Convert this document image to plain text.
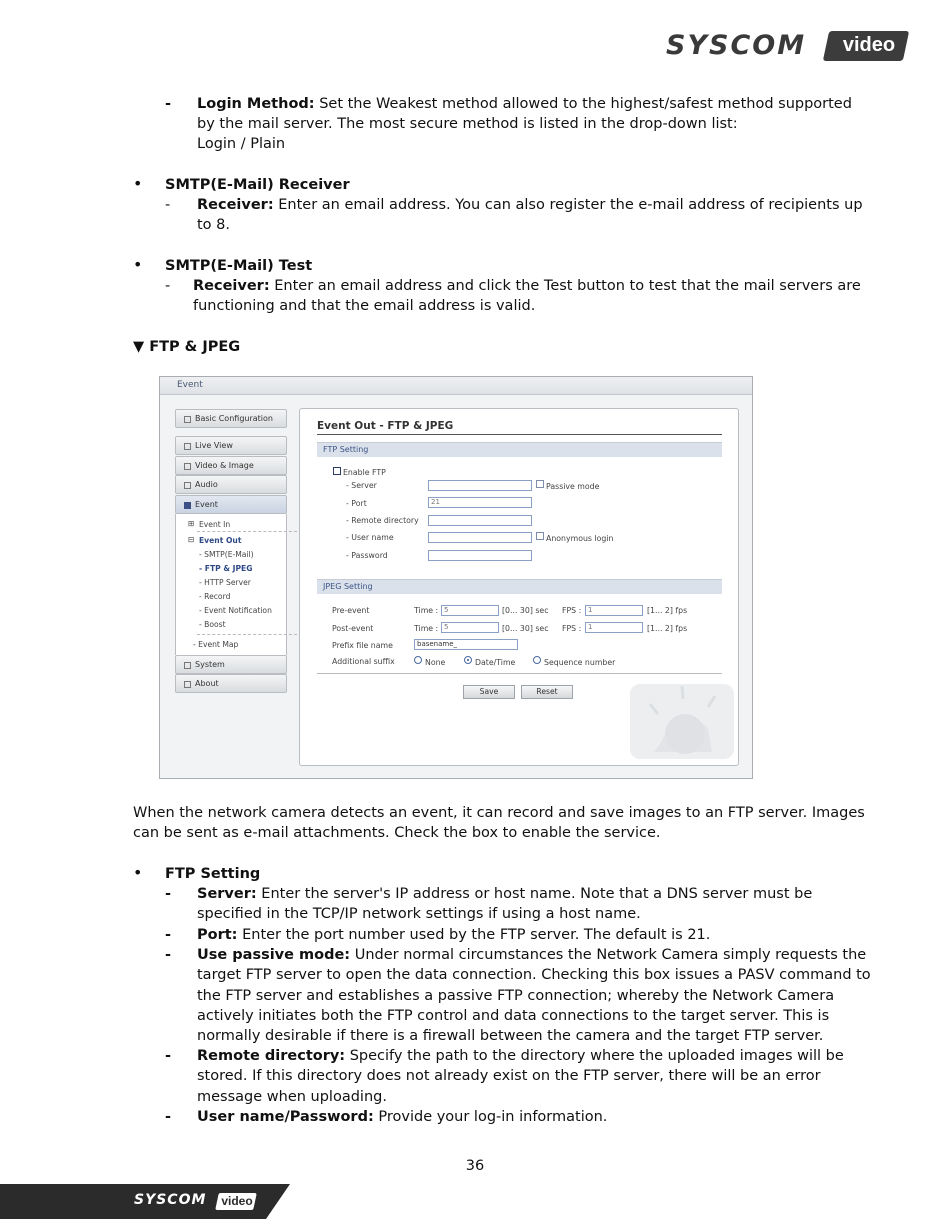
SYSCOM	video
- Login Method: Set the Weakest method allowed to the highest/safest method supported
by the mail server. The most secure method is listed in the drop-down list:
Login / Plain
• SMTP(E-Mail) Receiver
- Receiver: Enter an email address. You can also register the e-mail address of recipients up
to 8.
• SMTP(E-Mail) Test
- Receiver: Enter an email address and click the Test button to test that the mail servers are
functioning and that the email address is valid.
▼ FTP & JPEG
Event
Basic Configuration
Live View
Video & Image
Audio
Event
⊞ Event In
⊟ Event Out
- SMTP(E-Mail)
- FTP & JPEG
- HTTP Server
- Record
- Event Notification
- Boost
- Event Map
System
About
Event Out - FTP & JPEG
FTP Setting
Enable FTP
- Server	Passive mode
- Port	21
- Remote directory
- User name	Anonymous login
- Password
JPEG Setting
Pre-event	Time : 5	[0... 30] sec FPS : 1	[1... 2] fps
Post-event	Time : 5	[0... 30] sec FPS : 1	[1... 2] fps
Prefix file name	basename_
Additional suffix	None	Date/Time	Sequence number
Save	Reset
When the network camera detects an event, it can record and save images to an FTP server. Images
can be sent as e-mail attachments. Check the box to enable the service.
• FTP Setting
- Server: Enter the server's IP address or host name. Note that a DNS server must be
specified in the TCP/IP network settings if using a host name.
- Port: Enter the port number used by the FTP server. The default is 21.
- Use passive mode: Under normal circumstances the Network Camera simply requests the
target FTP server to open the data connection. Checking this box issues a PASV command to
the FTP server and establishes a passive FTP connection; whereby the Network Camera
actively initiates both the FTP control and data connections to the target server. This is
normally desirable if there is a firewall between the camera and the target FTP server.
- Remote directory: Specify the path to the directory where the uploaded images will be
stored. If this directory does not already exist on the FTP server, there will be an error
message when uploading.
- User name/Password: Provide your log-in information.
36
SYSCOM video
